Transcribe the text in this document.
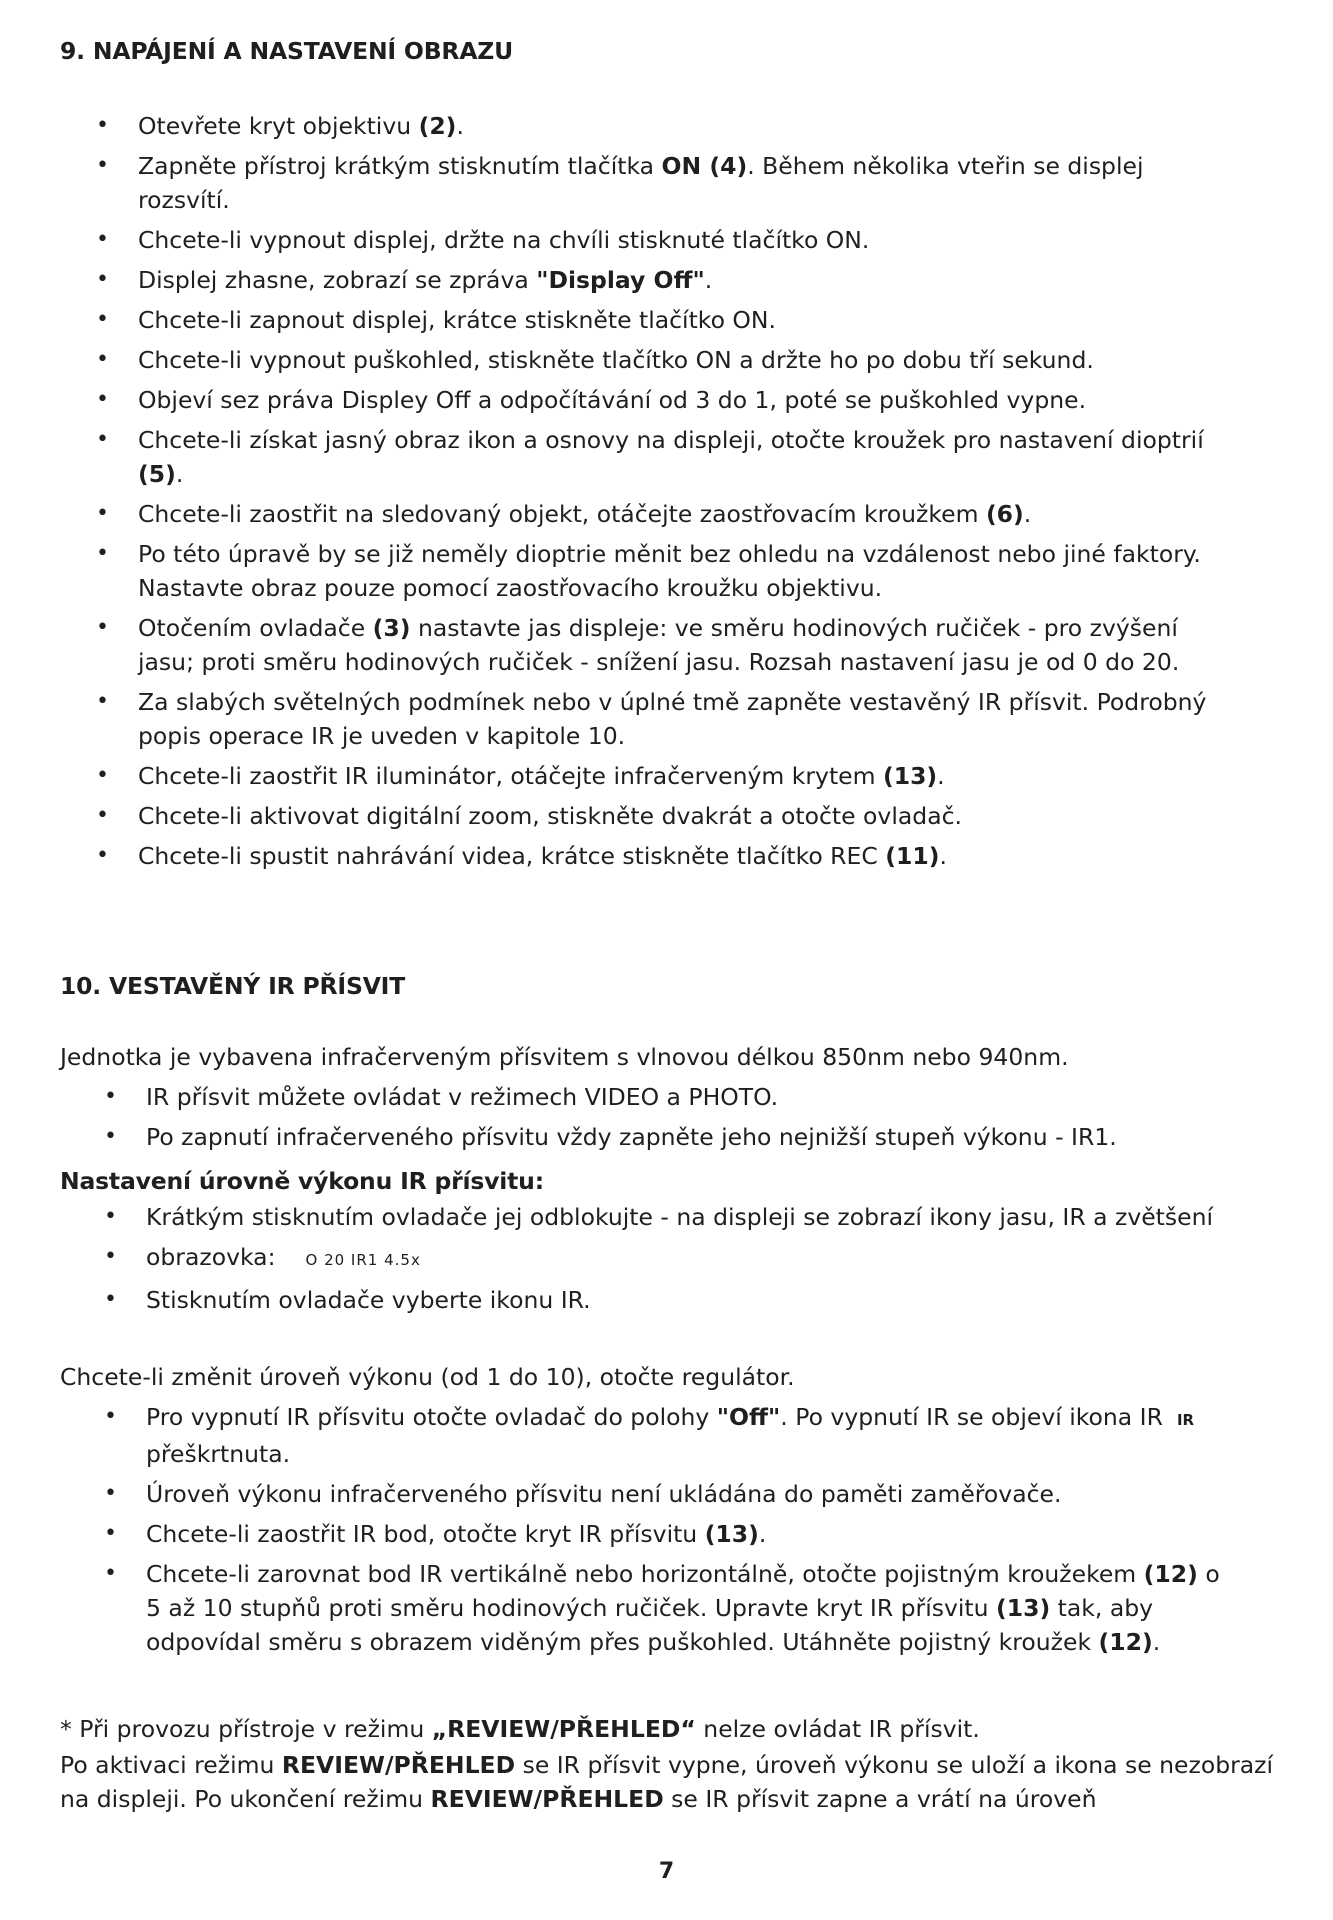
9. NAPÁJENÍ A NASTAVENÍ OBRAZU
• Otevřete kryt objektivu (2).
• Zapněte přístroj krátkým stisknutím tlačítka ON (4). Během několika vteřin se displej rozsvítí.
• Chcete-li vypnout displej, držte na chvíli stisknuté tlačítko ON.
• Displej zhasne, zobrazí se zpráva "Display Off".
• Chcete-li zapnout displej, krátce stiskněte tlačítko ON.
• Chcete-li vypnout puškohled, stiskněte tlačítko ON a držte ho po dobu tří sekund.
• Objeví sez práva Displey Off a odpočítávání od 3 do 1, poté se puškohled vypne.
• Chcete-li získat jasný obraz ikon a osnovy na displeji, otočte kroužek pro nastavení dioptrií (5).
• Chcete-li zaostřit na sledovaný objekt, otáčejte zaostřovacím kroužkem (6).
• Po této úpravě by se již neměly dioptrie měnit bez ohledu na vzdálenost nebo jiné faktory. Nastavte obraz pouze pomocí zaostřovacího kroužku objektivu.
• Otočením ovladače (3) nastavte jas displeje: ve směru hodinových ručiček - pro zvýšení jasu; proti směru hodinových ručiček - snížení jasu. Rozsah nastavení jasu je od 0 do 20.
• Za slabých světelných podmínek nebo v úplné tmě zapněte vestavěný IR přísvit. Podrobný popis operace IR je uveden v kapitole 10.
• Chcete-li zaostřit IR iluminátor, otáčejte infračerveným krytem (13).
• Chcete-li aktivovat digitální zoom, stiskněte dvakrát a otočte ovladač.
• Chcete-li spustit nahrávání videa, krátce stiskněte tlačítko REC (11).
10. VESTAVĚNÝ IR PŘÍSVIT

Jednotka je vybavena infračerveným přísvitem s vlnovou délkou 850nm nebo 940nm.

• IR přísvit můžete ovládat v režimech VIDEO a PHOTO.
• Po zapnutí infračerveného přísvitu vždy zapněte jeho nejnižší stupeň výkonu - IR1.
Nastavení úrovně výkonu IR přísvitu:
• Krátkým stisknutím ovladače jej odblokujte - na displeji se zobrazí ikony jasu, IR a zvětšení
• obrazovka: O 20 IR1 4.5x
• Stisknutím ovladače vyberte ikonu IR.

Chcete-li změnit úroveň výkonu (od 1 do 10), otočte regulátor.

• Pro vypnutí IR přísvitu otočte ovladač do polohy "Off". Po vypnutí IR se objeví ikona IR IR přeškrtnuta.
• Úroveň výkonu infračerveného přísvitu není ukládána do paměti zaměřovače.
• Chcete-li zaostřit IR bod, otočte kryt IR přísvitu (13).
• Chcete-li zarovnat bod IR vertikálně nebo horizontálně, otočte pojistným kroužekem (12) o 5 až 10 stupňů proti směru hodinových ručiček. Upravte kryt IR přísvitu (13) tak, aby odpovídal směru s obrazem viděným přes puškohled. Utáhněte pojistný kroužek (12).

* Při provozu přístroje v režimu „REVIEW/PŘEHLED“ nelze ovládat IR přísvit.

Po aktivaci režimu REVIEW/PŘEHLED se IR přísvit vypne, úroveň výkonu se uloží a ikona se nezobrazí na displeji. Po ukončení režimu REVIEW/PŘEHLED se IR přísvit zapne a vrátí na úroveň

7
